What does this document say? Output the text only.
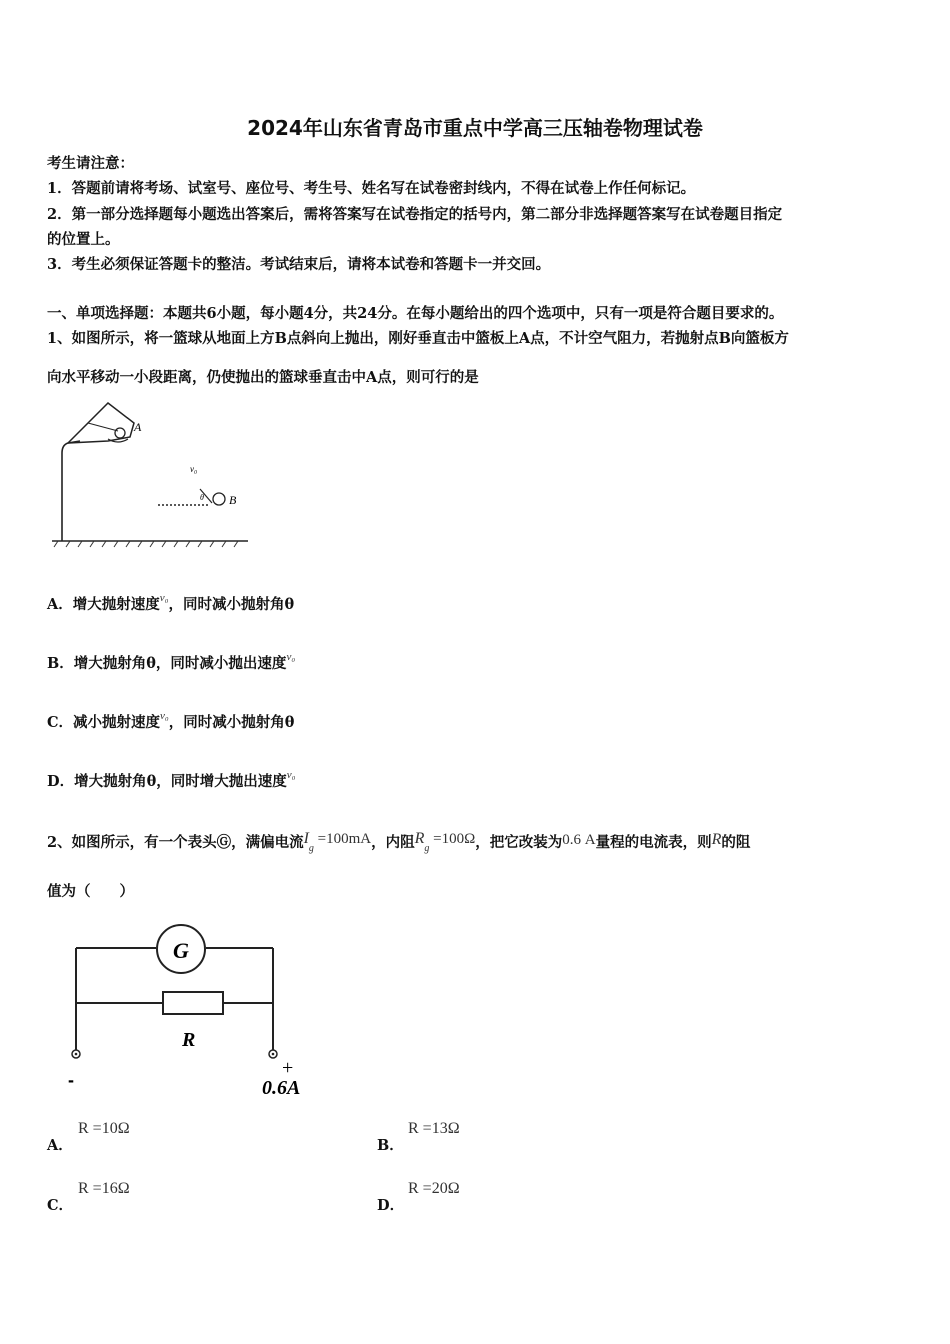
2024年山东省青岛市重点中学高三压轴卷物理试卷
考生请注意：
1．答题前请将考场、试室号、座位号、考生号、姓名写在试卷密封线内，不得在试卷上作任何标记。
2．第一部分选择题每小题选出答案后，需将答案写在试卷指定的括号内，第二部分非选择题答案写在试卷题目指定
的位置上。
3．考生必须保证答题卡的整洁。考试结束后，请将本试卷和答题卡一并交回。
一、单项选择题：本题共6小题，每小题4分，共24分。在每小题给出的四个选项中，只有一项是符合题目要求的。
1、如图所示，将一篮球从地面上方B点斜向上抛出，刚好垂直击中篮板上A点，不计空气阻力，若抛射点B向篮板方
向水平移动一小段距离，仍使抛出的篮球垂直击中A点，则可行的是
A
v₀
θ B
A．增大抛射速度$^{v_0}$，同时减小抛射角θ
B．增大抛射角θ，同时减小抛出速度$^{v_0}$
C．减小抛射速度$^{v_0}$，同时减小抛射角θ
D．增大抛射角θ，同时增大抛出速度$^{v_0}$
2、如图所示，有一个表头Ⓖ，满偏电流$I_g =100mA$，内阻$R_g =100\Omega$，把它改装为0.6 A量程的电流表，则R的阻
值为（　　）
G
R
-
+
0.6A
A．
R =10Ω
B．
R =13Ω
C．
R =16Ω
D．
R =20Ω
